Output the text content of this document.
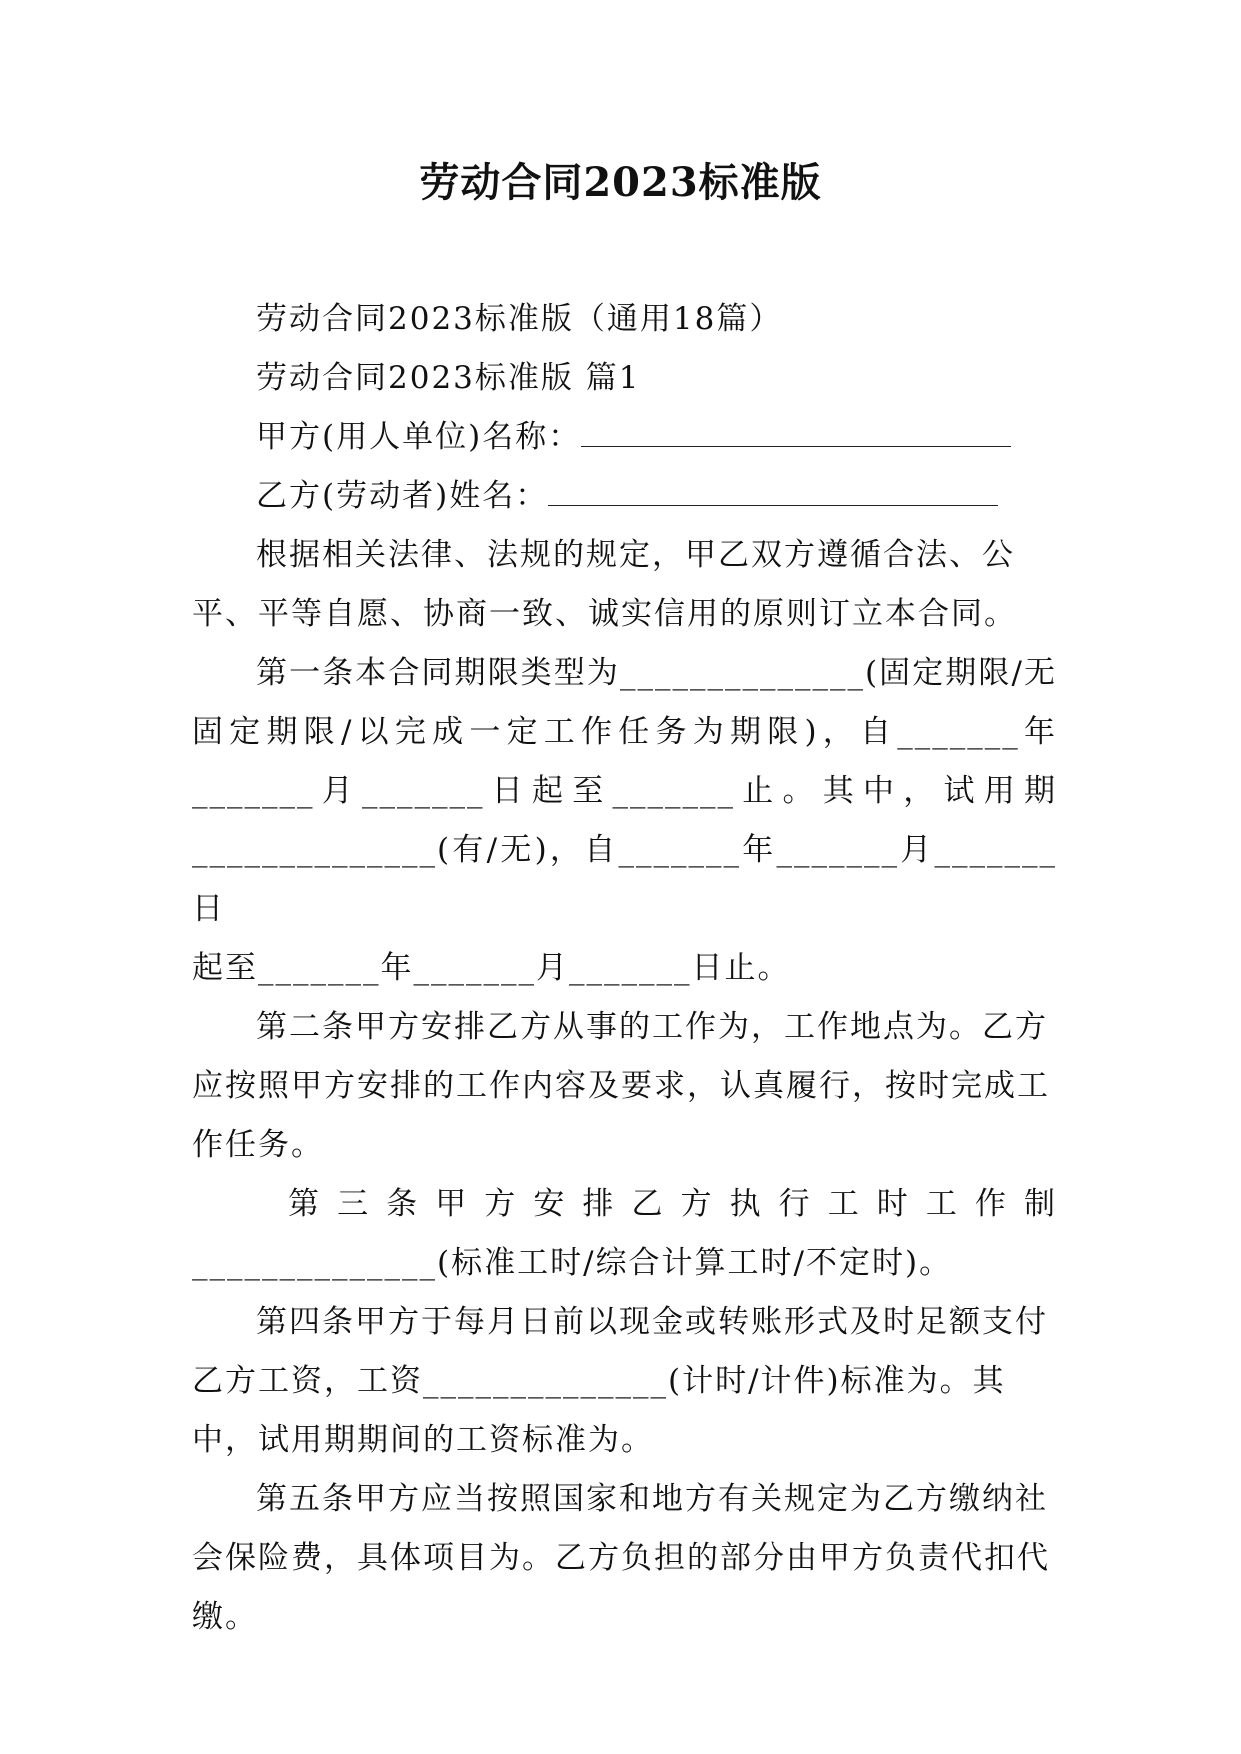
劳动合同2023标准版

劳动合同2023标准版（通用18篇）

劳动合同2023标准版 篇1

甲方(用人单位)名称：

乙方(劳动者)姓名：

根据相关法律、法规的规定，甲乙双方遵循合法、公平、平等自愿、协商一致、诚实信用的原则订立本合同。

第一条本合同期限类型为______________(固定期限/无

固定期限/以完成一定工作任务为期限)，自_______年

_______月_______日起至_______止。其中，试用期

______________(有/无)，自_______年_______月_______日

起至_______年_______月_______日止。

第二条甲方安排乙方从事的工作为，工作地点为。乙方应按照甲方安排的工作内容及要求，认真履行，按时完成工作任务。

第三条甲方安排乙方执行工时工作制

______________(标准工时/综合计算工时/不定时)。

第四条甲方于每月日前以现金或转账形式及时足额支付乙方工资，工资______________(计时/计件)标准为。其中，试用期期间的工资标准为。

第五条甲方应当按照国家和地方有关规定为乙方缴纳社会保险费，具体项目为。乙方负担的部分由甲方负责代扣代缴。
